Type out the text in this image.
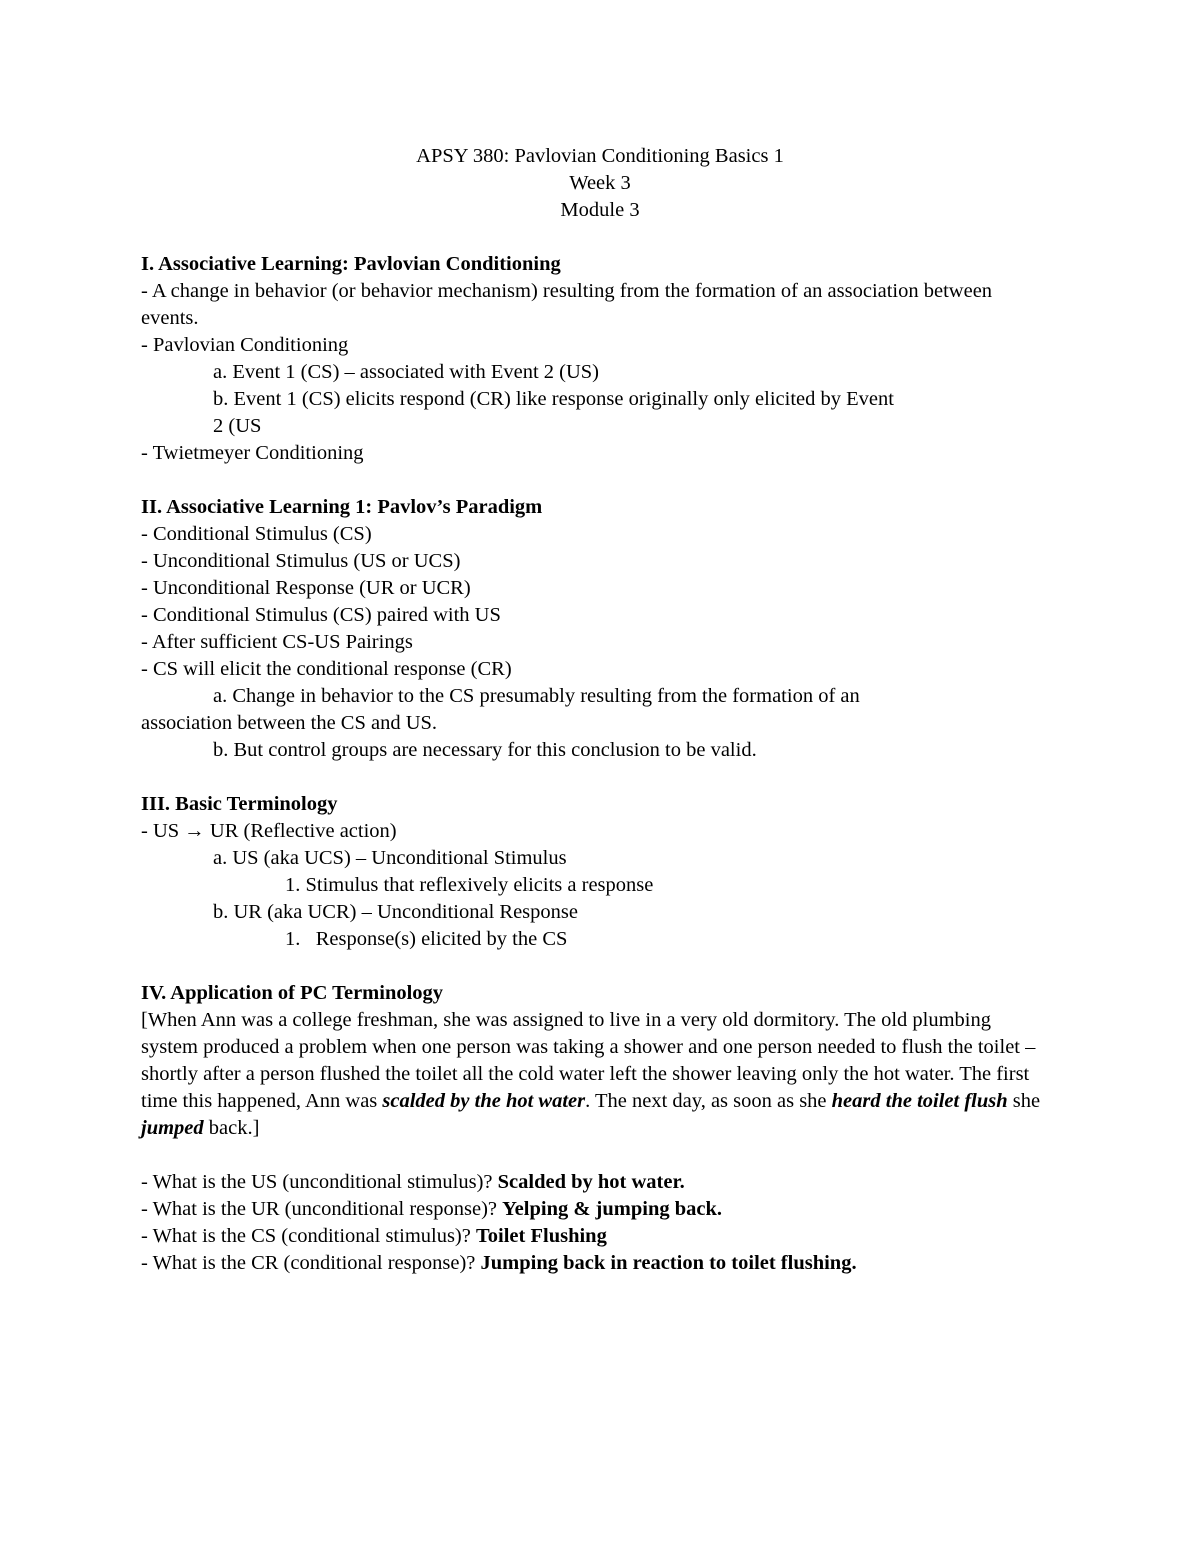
APSY 380: Pavlovian Conditioning Basics 1
Week 3
Module 3
I. Associative Learning: Pavlovian Conditioning
- A change in behavior (or behavior mechanism) resulting from the formation of an association between events.
- Pavlovian Conditioning
a. Event 1 (CS) – associated with Event 2 (US)
b. Event 1 (CS) elicits respond (CR) like response originally only elicited by Event
2 (US
- Twietmeyer Conditioning
II. Associative Learning 1: Pavlov’s Paradigm
- Conditional Stimulus (CS)
- Unconditional Stimulus (US or UCS)
- Unconditional Response (UR or UCR)
- Conditional Stimulus (CS) paired with US
- After sufficient CS-US Pairings
- CS will elicit the conditional response (CR)
a. Change in behavior to the CS presumably resulting from the formation of an
association between the CS and US.
b. But control groups are necessary for this conclusion to be valid.
III. Basic Terminology
- US → UR (Reflective action)
a. US (aka UCS) – Unconditional Stimulus
1. Stimulus that reflexively elicits a response
b. UR (aka UCR) – Unconditional Response
1.   Response(s) elicited by the CS
IV. Application of PC Terminology

[When Ann was a college freshman, she was assigned to live in a very old dormitory. The old plumbing system produced a problem when one person was taking a shower and one person needed to flush the toilet – shortly after a person flushed the toilet all the cold water left the shower leaving only the hot water. The first time this happened, Ann was scalded by the hot water. The next day, as soon as she heard the toilet flush she jumped back.]

- What is the US (unconditional stimulus)? Scalded by hot water.
- What is the UR (unconditional response)? Yelping & jumping back.
- What is the CS (conditional stimulus)? Toilet Flushing
- What is the CR (conditional response)? Jumping back in reaction to toilet flushing.
